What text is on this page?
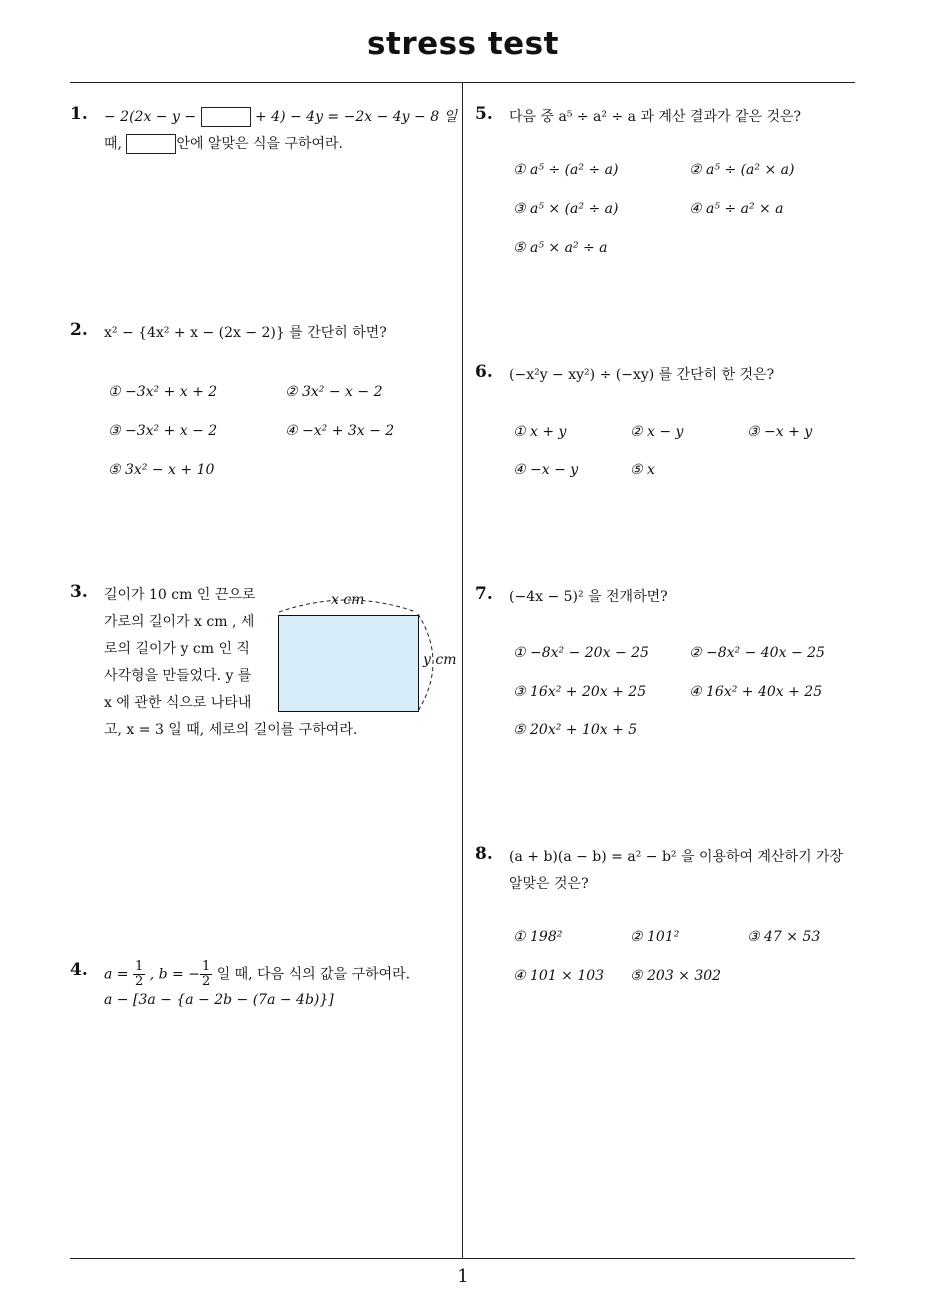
stress test
1
1. − 2(2x − y −	+ 4) − 4y = −2x − 4y − 8 일
때,	안에 알맞은 식을 구하여라.
2. x² − {4x² + x − (2x − 2)} 를 간단히 하면?
① −3x² + x + 2	② 3x² − x − 2
③ −3x² + x − 2	④ −x² + 3x − 2
⑤ 3x² − x + 10
3. 길이가 10 cm 인 끈으로
가로의 길이가 x cm , 세
로의 길이가 y cm 인 직
사각형을 만들었다. y 를
x 에 관한 식으로 나타내
고, x = 3 일 때, 세로의 길이를 구하여라.
x cm
y cm
4. $a = \frac{1}{2}$ , b = − $\frac{1}{2}$ 일 때, 다음 식의 값을 구하여라.
a − [3a − {a − 2b − (7a − 4b)}]
5. 다음 중 a⁵ ÷ a² ÷ a 과 계산 결과가 같은 것은?
① a⁵ ÷ (a² ÷ a)	② a⁵ ÷ (a² × a)
③ a⁵ × (a² ÷ a)	④ a⁵ ÷ a² × a
⑤ a⁵ × a² ÷ a
6. (−x²y − xy²) ÷ (−xy) 를 간단히 한 것은?
① x + y	② x − y	③ −x + y
④ −x − y	⑤ x
7. (−4x − 5)² 을 전개하면?
① −8x² − 20x − 25	② −8x² − 40x − 25
③ 16x² + 20x + 25	④ 16x² + 40x + 25
⑤ 20x² + 10x + 5
8. (a + b)(a − b) = a² − b² 을 이용하여 계산하기 가장
알맞은 것은?
① 198²	② 101²	③ 47 × 53
④ 101 × 103 ⑤ 203 × 302
